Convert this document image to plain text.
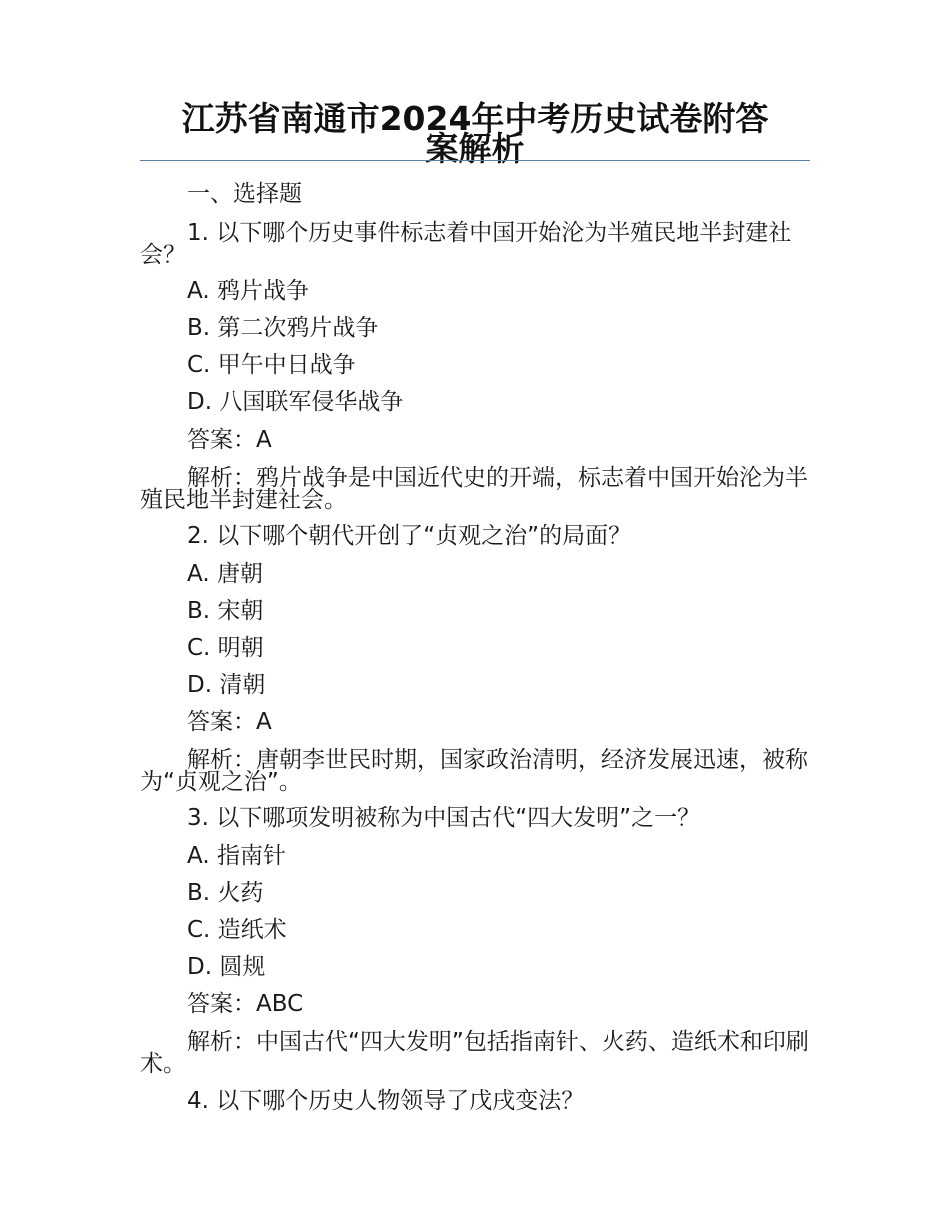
江苏省南通市2024年中考历史试卷附答
案解析
一、选择题
1. 以下哪个历史事件标志着中国开始沦为半殖民地半封建社会？
A. 鸦片战争
B. 第二次鸦片战争
C. 甲午中日战争
D. 八国联军侵华战争
答案：A
解析：鸦片战争是中国近代史的开端，标志着中国开始沦为半殖民地半封建社会。
2. 以下哪个朝代开创了“贞观之治”的局面？
A. 唐朝
B. 宋朝
C. 明朝
D. 清朝
答案：A
解析：唐朝李世民时期，国家政治清明，经济发展迅速，被称为“贞观之治”。
3. 以下哪项发明被称为中国古代“四大发明”之一？
A. 指南针
B. 火药
C. 造纸术
D. 圆规
答案：ABC
解析：中国古代“四大发明”包括指南针、火药、造纸术和印刷术。
4. 以下哪个历史人物领导了戊戌变法？
